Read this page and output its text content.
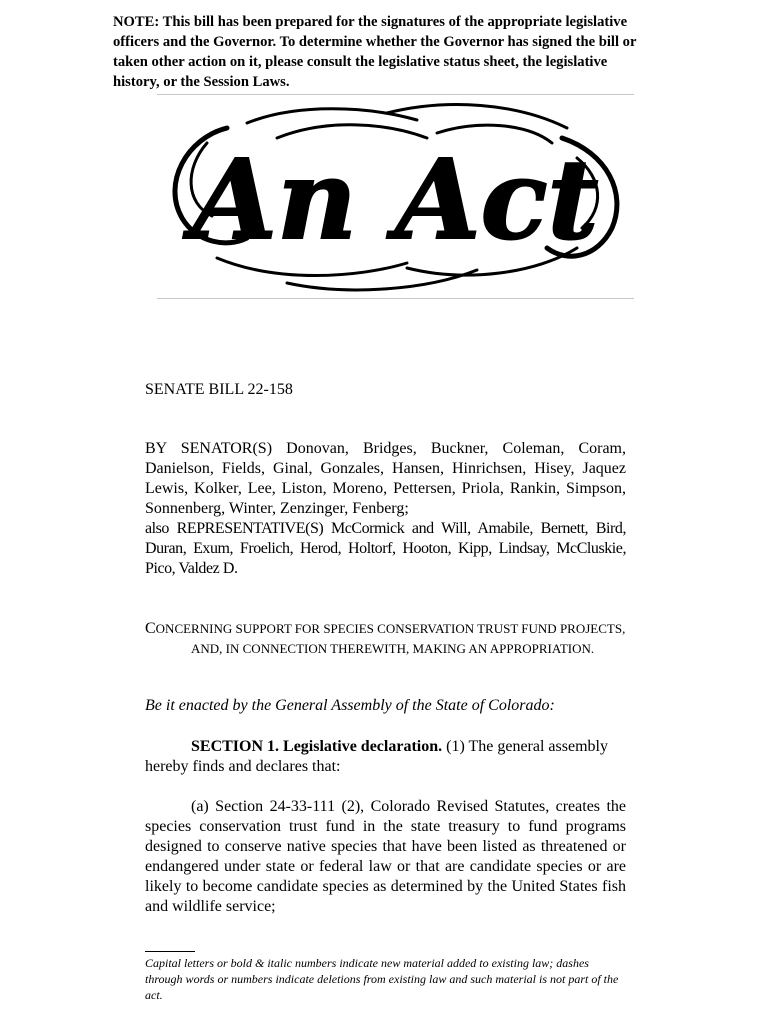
NOTE: This bill has been prepared for the signatures of the appropriate legislative officers and the Governor. To determine whether the Governor has signed the bill or taken other action on it, please consult the legislative status sheet, the legislative history, or the Session Laws.

An Act
SENATE BILL 22-158

BY SENATOR(S) Donovan, Bridges, Buckner, Coleman, Coram, Danielson, Fields, Ginal, Gonzales, Hansen, Hinrichsen, Hisey, Jaquez Lewis, Kolker, Lee, Liston, Moreno, Pettersen, Priola, Rankin, Simpson, Sonnenberg, Winter, Zenzinger, Fenberg;
also REPRESENTATIVE(S) McCormick and Will, Amabile, Bernett, Bird, Duran, Exum, Froelich, Herod, Holtorf, Hooton, Kipp, Lindsay, McCluskie, Pico, Valdez D.

CONCERNING SUPPORT FOR SPECIES CONSERVATION TRUST FUND PROJECTS,
AND, IN CONNECTION THEREWITH, MAKING AN APPROPRIATION.

Be it enacted by the General Assembly of the State of Colorado:

SECTION 1. Legislative declaration. (1) The general assembly hereby finds and declares that:

(a) Section 24-33-111 (2), Colorado Revised Statutes, creates the species conservation trust fund in the state treasury to fund programs designed to conserve native species that have been listed as threatened or endangered under state or federal law or that are candidate species or are likely to become candidate species as determined by the United States fish and wildlife service;

Capital letters or bold & italic numbers indicate new material added to existing law; dashes through words or numbers indicate deletions from existing law and such material is not part of the act.
